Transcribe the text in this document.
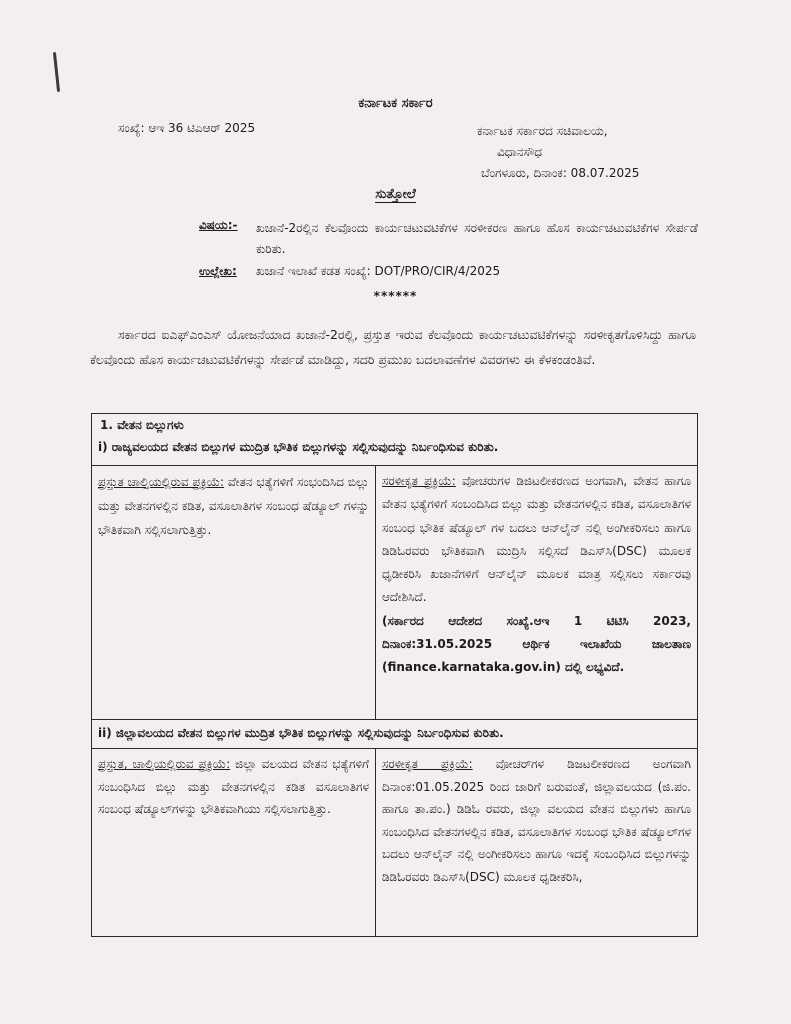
ಕರ್ನಾಟಕ ಸರ್ಕಾರ
ಸಂಖ್ಯೆ: ಆಇ 36 ಟಿಎಆರ್ 2025	ಕರ್ನಾಟಕ ಸರ್ಕಾರದ ಸಚಿವಾಲಯ,
ವಿಧಾನಸೌಧ
ಬೆಂಗಳೂರು, ದಿನಾಂಕ: 08.07.2025
ಸುತ್ತೋಲೆ
ವಿಷಯ:- ಖಜಾನೆ-2ರಲ್ಲಿನ ಕೆಲವೊಂದು ಕಾರ್ಯಚಟುವಟಿಕೆಗಳ ಸರಳೀಕರಣ ಹಾಗೂ ಹೊಸ ಕಾರ್ಯಚಟುವಟಿಕೆಗಳ ಸೇರ್ಪಡೆ ಕುರಿತು.
ಉಲ್ಲೇಖ: ಖಜಾನೆ ಇಲಾಖೆ ಕಡತ ಸಂಖ್ಯೆ: DOT/PRO/CIR/4/2025
******
ಸರ್ಕಾರದ ಐಎಫ್‌ಎಂಎಸ್ ಯೋಜನೆಯಾದ ಖಜಾನೆ-2ರಲ್ಲಿ, ಪ್ರಸ್ತುತ ಇರುವ ಕೆಲವೊಂದು ಕಾರ್ಯಚಟುವಟಿಕೆಗಳನ್ನು ಸರಳೀಕೃತಗೊಳಿಸಿದ್ದು ಹಾಗೂ ಕೆಲವೊಂದು ಹೊಸ ಕಾರ್ಯಚಟುವಟಿಕೆಗಳನ್ನು ಸೇರ್ಪಡೆ ಮಾಡಿದ್ದು, ಸದರಿ ಪ್ರಮುಖ ಬದಲಾವಣೆಗಳ ವಿವರಗಳು ಈ ಕೆಳಕಂಡಂತಿವೆ.
1. ವೇತನ ಬಿಲ್ಲುಗಳು
i) ರಾಜ್ಯವಲಯದ ವೇತನ ಬಿಲ್ಲುಗಳ ಮುದ್ರಿತ ಭೌತಿಕ ಬಿಲ್ಲುಗಳನ್ನು ಸಲ್ಲಿಸುವುದನ್ನು ನಿರ್ಬಂಧಿಸುವ ಕುರಿತು.
ಪ್ರಸ್ತುತ ಚಾಲ್ತಿಯಲ್ಲಿರುವ ಪ್ರಕ್ರಿಯೆ: ವೇತನ ಭತ್ಯೆಗಳಿಗೆ ಸಂಭಂದಿಸಿದ ಬಿಲ್ಲು ಮತ್ತು ವೇತನಗಳಲ್ಲಿನ ಕಡಿತ, ವಸೂಲಾತಿಗಳ ಸಂಬಂಧ ಷೆಡ್ಯೂಲ್ ಗಳನ್ನು ಭೌತಿಕವಾಗಿ ಸಲ್ಲಿಸಲಾಗುತ್ತಿತ್ತು.
ಸರಳೀಕೃತ ಪ್ರಕ್ರಿಯೆ: ವೋಚರುಗಳ ಡಿಜಿಟಲೀಕರಣದ ಅಂಗವಾಗಿ, ವೇತನ ಹಾಗೂ ವೇತನ ಭತ್ಯೆಗಳಿಗೆ ಸಂಬಂದಿಸಿದ ಬಿಲ್ಲು ಮತ್ತು ವೇತನಗಳಲ್ಲಿನ ಕಡಿತ, ವಸೂಲಾತಿಗಳ ಸಂಬಂಧ ಭೌತಿಕ ಷೆಡ್ಯೂಲ್ ಗಳ ಬದಲು ಆನ್‌ಲೈನ್ ನಲ್ಲಿ ಅಂಗೀಕರಿಸಲು ಹಾಗೂ ಡಿಡಿಓರವರು ಭೌತಿಕವಾಗಿ ಮುದ್ರಿಸಿ ಸಲ್ಲಿಸದೆ ಡಿಎಸ್‌ಸಿ(DSC) ಮೂಲಕ ಧೃಡೀಕರಿಸಿ ಖಜಾನೆಗಳಿಗೆ ಆನ್‌ಲೈನ್ ಮೂಲಕ ಮಾತ್ರ ಸಲ್ಲಿಸಲು ಸರ್ಕಾರವು ಆದೇಶಿಸಿದೆ.
(ಸರ್ಕಾರದ ಆದೇಶದ ಸಂಖ್ಯೆ.ಆಇ 1 ಟಿಟಿಸಿ 2023, ದಿನಾಂಕ:31.05.2025 ಆರ್ಥಿಕ ಇಲಾಖೆಯ ಜಾಲತಾಣ (finance.karnataka.gov.in) ದಲ್ಲಿ ಲಭ್ಯವಿದೆ.
ii) ಜಿಲ್ಲಾವಲಯದ ವೇತನ ಬಿಲ್ಲುಗಳ ಮುದ್ರಿತ ಭೌತಿಕ ಬಿಲ್ಲುಗಳನ್ನು ಸಲ್ಲಿಸುವುದನ್ನು ನಿರ್ಬಂಧಿಸುವ ಕುರಿತು.
ಪ್ರಸ್ತುತ, ಚಾಲ್ತಿಯಲ್ಲಿರುವ ಪ್ರಕ್ರಿಯೆ: ಜಿಲ್ಲಾ ವಲಯದ ವೇತನ ಭತ್ಯೆಗಳಿಗೆ ಸಂಬಂಧಿಸಿದ ಬಿಲ್ಲು ಮತ್ತು ವೇತನಗಳಲ್ಲಿನ ಕಡಿತ ವಸೂಲಾತಿಗಳ ಸಂಬಂಧ ಷೆಡ್ಯೂಲ್‌ಗಳನ್ನು ಭೌತಿಕವಾಗಿಯು ಸಲ್ಲಿಸಲಾಗುತ್ತಿತ್ತು.
ಸರಳೀಕೃತ ಪ್ರಕ್ರಿಯೆ: ವೋಚರ್‌ಗಳ ಡಿಜಟಲೀಕರಣದ ಅಂಗವಾಗಿ ದಿನಾಂಕ:01.05.2025 ರಿಂದ ಜಾರಿಗೆ ಬರುವಂತೆ, ಜಿಲ್ಲಾವಲಯದ (ಜಿ.ಪಂ. ಹಾಗೂ ತಾ.ಪಂ.) ಡಿಡಿಓ ರವರು, ಜಿಲ್ಲಾ ವಲಯದ ವೇತನ ಬಿಲ್ಲುಗಳು ಹಾಗೂ ಸಂಬಂಧಿಸಿದ ವೇತನಗಳಲ್ಲಿನ ಕಡಿತ, ವಸೂಲಾತಿಗಳ ಸಂಬಂಧ ಭೌತಿಕ ಷೆಡ್ಯೂಲ್‌ಗಳ ಬದಲು ಆನ್‌ಲೈನ್ ನಲ್ಲಿ ಅಂಗೀಕರಿಸಲು ಹಾಗೂ ಇದಕ್ಕೆ ಸಂಬಂಧಿಸಿದ ಬಿಲ್ಲುಗಳನ್ನು ಡಿಡಿಓರವರು ಡಿಎಸ್‌ಸಿ(DSC) ಮೂಲಕ ಧೃಡೀಕರಿಸಿ,
